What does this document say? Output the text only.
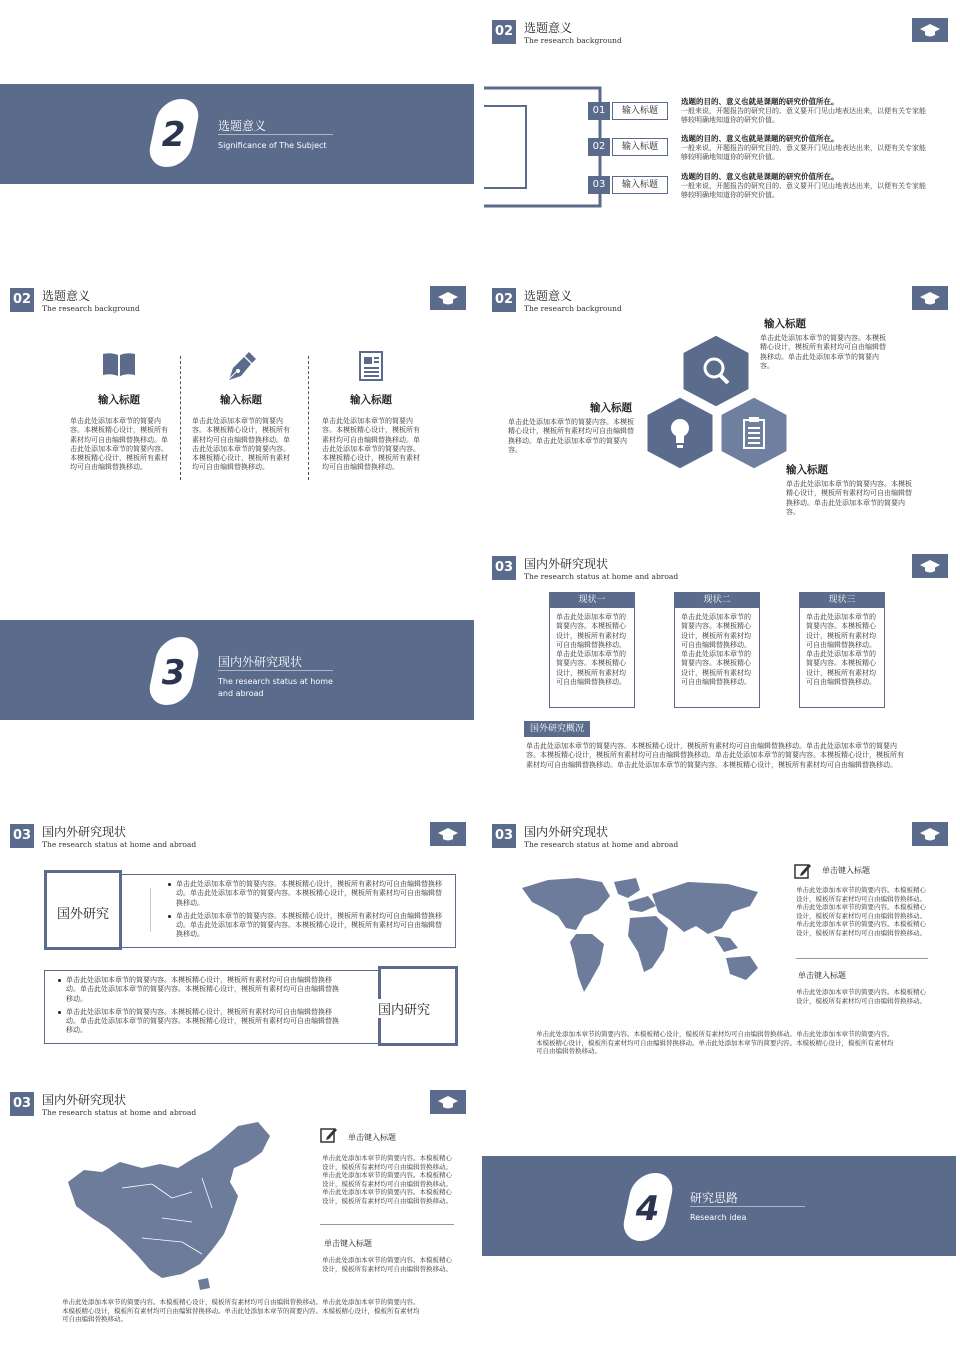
2	选题意义
Significance of The Subject
02 选题意义
The research background
01	输入标题
02	输入标题
03	输入标题
选题的目的、意义也就是课题的研究价值所在。
一般来说，开题报告的研究目的、意义要开门见山地表达出来，以便有关专家能够较明确地知道你的研究价值。
选题的目的、意义也就是课题的研究价值所在。
一般来说，开题报告的研究目的、意义要开门见山地表达出来，以便有关专家能够较明确地知道你的研究价值。
选题的目的、意义也就是课题的研究价值所在。
一般来说，开题报告的研究目的、意义要开门见山地表达出来，以便有关专家能够较明确地知道你的研究价值。
02 选题意义
The research background
输入标题
单击此处添加本章节的简要内容。本模板精心设计，模板所有素材均可自由编辑替换移动。单击此处添加本章节的简要内容。本模板精心设计，模板所有素材均可自由编辑替换移动。
输入标题
单击此处添加本章节的简要内容。本模板精心设计，模板所有素材均可自由编辑替换移动。单击此处添加本章节的简要内容。本模板精心设计，模板所有素材均可自由编辑替换移动。
输入标题
单击此处添加本章节的简要内容。本模板精心设计，模板所有素材均可自由编辑替换移动。单击此处添加本章节的简要内容。本模板精心设计，模板所有素材均可自由编辑替换移动。
02 选题意义
The research background
输入标题
单击此处添加本章节的简要内容。本模板精心设计，模板所有素材均可自由编辑替换移动。单击此处添加本章节的简要内容。
输入标题
单击此处添加本章节的简要内容。本模板精心设计，模板所有素材均可自由编辑替换移动。单击此处添加本章节的简要内容。
输入标题
单击此处添加本章节的简要内容。本模板精心设计，模板所有素材均可自由编辑替换移动。单击此处添加本章节的简要内容。
3	国内外研究现状
The research status at home
and abroad
03 国内外研究现状
The research status at home and abroad
现状一
单击此处添加本章节的简要内容。本模板精心设计，模板所有素材均可自由编辑替换移动。单击此处添加本章节的简要内容。本模板精心设计，模板所有素材均可自由编辑替换移动。
现状二
单击此处添加本章节的简要内容。本模板精心设计，模板所有素材均可自由编辑替换移动。单击此处添加本章节的简要内容。本模板精心设计，模板所有素材均可自由编辑替换移动。
现状三
单击此处添加本章节的简要内容。本模板精心设计，模板所有素材均可自由编辑替换移动。单击此处添加本章节的简要内容。本模板精心设计，模板所有素材均可自由编辑替换移动。
国外研究概况
单击此处添加本章节的简要内容。本模板精心设计，模板所有素材均可自由编辑替换移动。单击此处添加本章节的简要内容。本模板精心设计，模板所有素材均可自由编辑替换移动。单击此处添加本章节的简要内容。本模板精心设计，模板所有素材均可自由编辑替换移动。单击此处添加本章节的简要内容。本模板精心设计，模板所有素材均可自由编辑替换移动。
03 国内外研究现状
The research status at home and abroad
国外研究
单击此处添加本章节的简要内容。本模板精心设计，模板所有素材均可自由编辑替换移动。单击此处添加本章节的简要内容。本模板精心设计，模板所有素材均可自由编辑替换移动。
单击此处添加本章节的简要内容。本模板精心设计，模板所有素材均可自由编辑替换移动。单击此处添加本章节的简要内容。本模板精心设计，模板所有素材均可自由编辑替换移动。
国内研究
单击此处添加本章节的简要内容。本模板精心设计，模板所有素材均可自由编辑替换移动。单击此处添加本章节的简要内容。本模板精心设计，模板所有素材均可自由编辑替换移动。
单击此处添加本章节的简要内容。本模板精心设计，模板所有素材均可自由编辑替换移动。单击此处添加本章节的简要内容。本模板精心设计，模板所有素材均可自由编辑替换移动。
03 国内外研究现状
The research status at home and abroad
单击键入标题
单击此处添加本章节的简要内容。本模板精心设计，模板所有素材均可自由编辑替换移动。单击此处添加本章节的简要内容。本模板精心设计，模板所有素材均可自由编辑替换移动。单击此处添加本章节的简要内容。本模板精心设计，模板所有素材均可自由编辑替换移动。
单击键入标题
单击此处添加本章节的简要内容。本模板精心设计，模板所有素材均可自由编辑替换移动。
单击此处添加本章节的简要内容。本模板精心设计，模板所有素材均可自由编辑替换移动。单击此处添加本章节的简要内容。本模板精心设计，模板所有素材均可自由编辑替换移动。单击此处添加本章节的简要内容。本模板精心设计，模板所有素材均可自由编辑替换移动。
03 国内外研究现状
The research status at home and abroad
单击键入标题
单击此处添加本章节的简要内容。本模板精心设计，模板所有素材均可自由编辑替换移动。单击此处添加本章节的简要内容。本模板精心设计，模板所有素材均可自由编辑替换移动。单击此处添加本章节的简要内容。本模板精心设计，模板所有素材均可自由编辑替换移动。
单击键入标题
单击此处添加本章节的简要内容。本模板精心设计，模板所有素材均可自由编辑替换移动。
单击此处添加本章节的简要内容。本模板精心设计，模板所有素材均可自由编辑替换移动。单击此处添加本章节的简要内容。本模板精心设计，模板所有素材均可自由编辑替换移动。单击此处添加本章节的简要内容。本模板精心设计，模板所有素材均可自由编辑替换移动。
4	研究思路
Research idea
